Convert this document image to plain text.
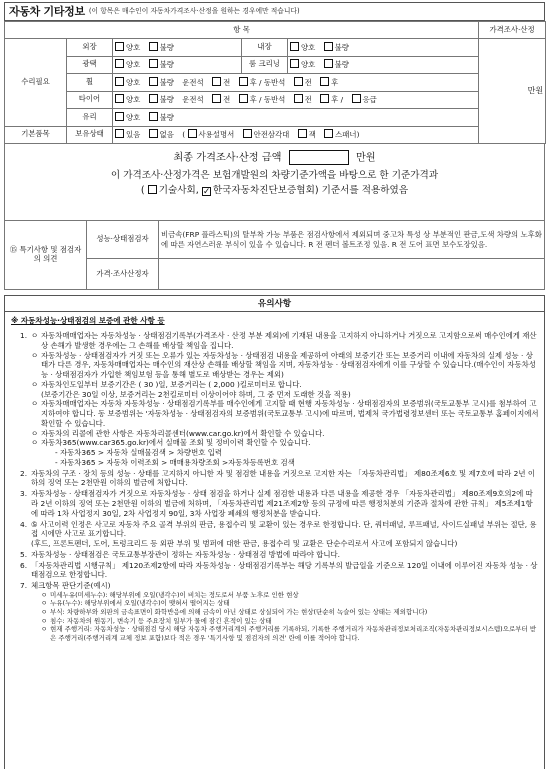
자동차 기타정보 (이 항목은 매수인이 자동차가격조사·산정을 원하는 경우에만 적습니다)
항 목					가격조사·산정
수리필요	외장	양호 불량	내장	양호 불량	만원

	광택	양호 불량	룸 크리닝	양호 불량	
	휠	양호 불량 운전석 전 후 / 동반석 전 후			
	타이어	양호 불량 운전석 전 후 / 동반석 전 후 / 응급			
	유리	양호 불량			
기본품목	보유상태	있음 없음 ( 사용설명서 안전삼각대 잭 스패너)			
최종 가격조사·산정 금액	만원
이 가격조사·산정가격은 보험개발원의 차량기준가액을 바탕으로 한 기준가격과
( 기술사회, ✓ 한국자동차진단보증협회) 기준서를 적용하였음
⑮ 특기사항 및 점검자의 의견	성능·상태점검자	비금속(FRP 플라스틱)의 탈부착 가능 부품은 점검사항에서 제외되며 중고차 특성 상 부분적인 판금,도색 차량의 노후화에 따른 자연스러운 부식이 있을 수 있습니다. R 전 펜더 볼트조정 있음. R 전 도어 표면 보수도장있음.
	가격·조사산정자	
유의사항
※ 자동차성능·상태점검의 보증에 관한 사항 등
1. ㅇ 자동차매매업자는 자동차성능 · 상태점검기록부(가격조사 · 산정 부분 제외)에 기재된 내용을 고지하지 아니하거나 거짓으로 고지함으로써 매수인에게 재산상 손해가 발생한 경우에는 그 손해를 배상할 책임을 집니다.
ㅇ 자동차성능 · 상태점검자가 거짓 또는 오류가 있는 자동차성능 · 상태점검 내용을 제공하여 아래의 보증기간 또는 보증거리 이내에 자동차의 실제 성능 · 상태가 다른 경우, 자동차매매업자는 매수인의 재산상 손해를 배상할 책임을 지며, 자동차성능 · 상태점검자에게 이를 구상할 수 있습니다.(매수인이 자동차성능 · 상태점검자가 가입한 책임보험 등을 통해 별도로 배상받는 경우는 제외)
ㅇ 자동차인도일부터 보증기간은 ( 30 )일, 보증거리는 ( 2,000 )킬로미터로 합니다.
(보증기간은 30일 이상, 보증거리는 2천킬로미터 이상이어야 하며, 그 중 먼저 도래한 것을 적용)
ㅇ 자동차매매업자는 자동차 자동차성능 · 상태점검기록부를 매수인에게 고지할 때 현행 자동차성능 · 상태점검자의 보증범위(국토교통부 고시)를 첨부하여 고지하여야 합니다. 동 보증범위는 '자동차성능 · 상태점검자의 보증범위(국토교통부 고시)에 따르며, 법제처 국가법령정보센터 또는 국토교통부 홈페이지에서 확인할 수 있습니다.
ㅇ 자동차의 리콜에 관한 사항은 자동차리콜센터(www.car.go.kr)에서 확인할 수 있습니다.
ㅇ 자동차365(www.car365.go.kr)에서 실매물 조회 및 정비이력 확인할 수 있습니다.
- 자동차365 > 자동차 실매물검색 > 차량번호 입력
- 자동차365 > 자동차 이력조회 > 매매용차량조회 >자동차등록번호 검색
2. 자동차의 구조 · 장치 등의 성능 · 상태를 고지하지 아니한 자 및 점검한 내용을 거짓으로 고지한 자는 「자동차관리법」 제80조제6호 및 제7호에 따라 2년 이하의 징역 또는 2천만원 이하의 벌금에 처합니다.
3. 자동차성능 · 상태점검자가 거짓으로 자동차성능 · 상태 점검을 하거나 실제 점검한 내용과 다른 내용을 제공한 경우 「자동차관리법」 제80조제9호의2에 따라 2년 이하의 징역 또는 2천만원 이하의 벌금에 처하며, 「자동차관리법 제21조제2항 등의 규정에 따른 행정처분의 기준과 절차에 관한 규칙」 제5조제1항에 따라 1차 사업정지 30일, 2차 사업정지 90일, 3차 사업장 폐쇄의 행정처분을 받습니다.
4. ⑤ 사고이력 인정은 사고로 자동차 주요 골격 부위의 판금, 용접수리 및 교환이 있는 경우로 한정합니다. 단, 쿼터패널, 루프패널, 사이드실패널 부위는 절단, 용접 시에만 사고로 표기합니다.
(후드, 프론트펜더, 도어, 트렁크리드 등 외판 부위 및 범퍼에 대한 판금, 용접수리 및 교환은 단순수리로서 사고에 포함되지 않습니다)
5. 자동차성능 · 상태점검은 국토교통부장관이 정하는 자동차성능 · 상태점검 방법에 따라야 합니다.
6. 「자동차관리법 시행규칙」 제120조제2항에 따라 자동차성능 · 상태점검기록부는 해당 기록부의 발급일을 기준으로 120일 이내에 이루어진 자동차 성능 · 상태점검으로 한정합니다.
7. 체크항목 판단기준(예시)
ㅇ 미세누유(미세누수): 해당부위에 오일(냉각수)이 비치는 정도로서 부품 노후로 인한 현상
ㅇ 누유(누수): 해당부위에서 오일(냉각수)이 맺혀서 떨어지는 상태
ㅇ 부식: 차량하부와 외판의 금속표면이 화학반응에 의해 금속이 아닌 상태로 상실되어 가는 현상(단순히 녹슬어 있는 상태는 제외합니다)
ㅇ 침수: 자동차의 원동기, 변속기 등 주요장치 일부가 물에 잠긴 흔적이 있는 상태
ㅇ 현재 주행거리: 자동차성능 · 상태점검 당시 해당 자동차 주행거리계의 주행거리를 기록하되, 기록한 주행거리가 자동차관리정보처리조직(자동차관리정보시스템)으로부터 받은 주행거리(주행거리계 교체 정보 포함)보다 적은 경우 '특기사항 및 점검자의 의견' 란에 이를 적어야 합니다.
